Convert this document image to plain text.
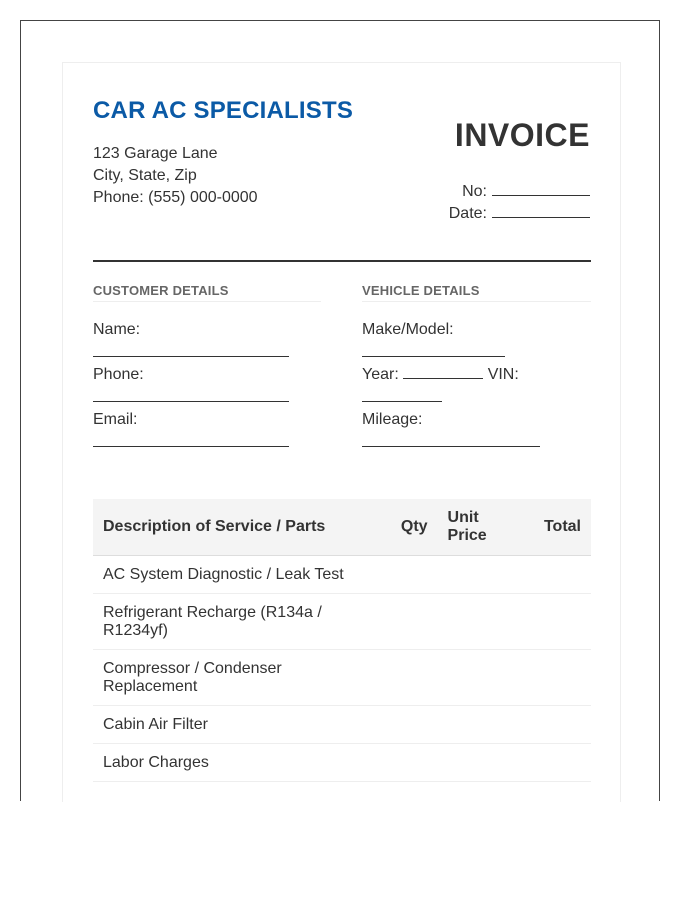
CAR AC SPECIALISTS
123 Garage Lane
City, State, Zip
Phone: (555) 000-0000
INVOICE
No:
Date:
CUSTOMER DETAILS
Name:

Phone:

Email:

VEHICLE DETAILS
Make/Model:

Year:	VIN:

Mileage:

Description of Service / Parts	Qty	Unit Price	Total
AC System Diagnostic / Leak Test			
Refrigerant Recharge (R134a / R1234yf)			
Compressor / Condenser Replacement			
Cabin Air Filter			
Labor Charges			
